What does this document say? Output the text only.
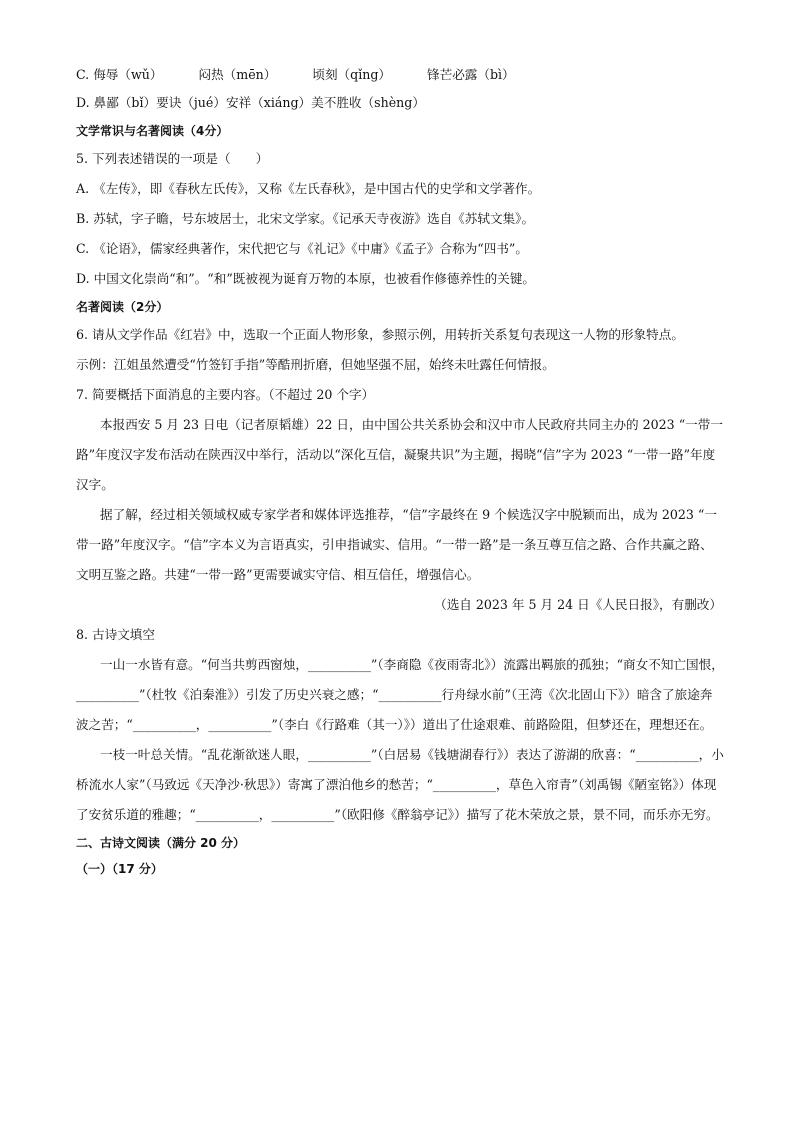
C. 侮辱（wǔ）	闷热（mēn）	顷刻（qǐng）	锋芒必露（bì）
D. 鼻鄙（bǐ）要诀（jué）安祥（xiáng）美不胜收（shèng）
文学常识与名著阅读（4分）
5. 下列表述错误的一项是（　　）
A. 《左传》，即《春秋左氏传》，又称《左氏春秋》，是中国古代的史学和文学著作。
B. 苏轼，字子瞻，号东坡居士，北宋文学家。《记承天寺夜游》选自《苏轼文集》。
C. 《论语》，儒家经典著作，宋代把它与《礼记》《中庸》《孟子》合称为“四书”。
D. 中国文化崇尚“和”。“和”既被视为诞育万物的本原，也被看作修德养性的关键。
名著阅读（2分）
6. 请从文学作品《红岩》中，选取一个正面人物形象，参照示例，用转折关系复句表现这一人物的形象特点。
示例：江姐虽然遭受“竹签钉手指”等酷刑折磨，但她坚强不屈，始终未吐露任何情报。
7. 简要概括下面消息的主要内容。（不超过 20 个字）
本报西安 5 月 23 日电（记者原韬雄）22 日，由中国公共关系协会和汉中市人民政府共同主办的 2023 “一带一路”年度汉字发布活动在陕西汉中举行，活动以“深化互信，凝聚共识”为主题，揭晓“信”字为 2023 “一带一路”年度汉字。
据了解，经过相关领域权威专家学者和媒体评选推荐，“信”字最终在 9 个候选汉字中脱颖而出，成为 2023 “一带一路”年度汉字。“信”字本义为言语真实，引申指诚实、信用。“一带一路”是一条互尊互信之路、合作共赢之路、文明互鉴之路。共建“一带一路”更需要诚实守信、相互信任，增强信心。
（选自 2023 年 5 月 24 日《人民日报》，有删改）
8. 古诗文填空
一山一水皆有意。“何当共剪西窗烛，__________”（李商隐《夜雨寄北》）流露出羁旅的孤独；“商女不知亡国恨，__________”（杜牧《泊秦淮》）引发了历史兴衰之感；“__________行舟绿水前”（王湾《次北固山下》）暗含了旅途奔波之苦；“__________，__________”（李白《行路难（其一）》）道出了仕途艰难、前路险阻，但梦还在，理想还在。
一枝一叶总关情。“乱花渐欲迷人眼，__________”（白居易《钱塘湖春行》）表达了游湖的欣喜：“__________，小桥流水人家”（马致远《天净沙·秋思》）寄寓了漂泊他乡的愁苦；“__________，草色入帘青”（刘禹锡《陋室铭》）体现了安贫乐道的雅趣；“__________，__________”（欧阳修《醉翁亭记》）描写了花木荣放之景，景不同，而乐亦无穷。
二、古诗文阅读（满分 20 分）
（一）（17 分）
